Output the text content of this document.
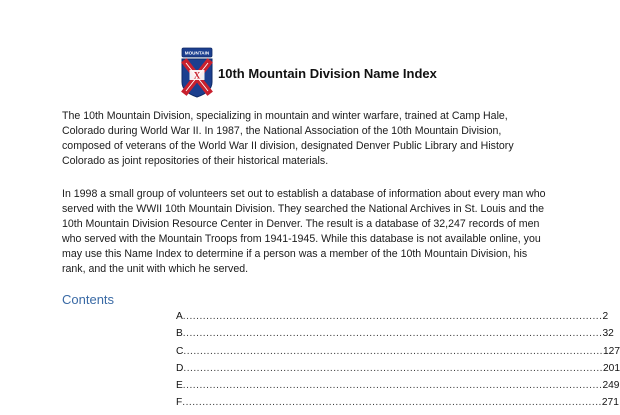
MOUNTAIN
X 10th Mountain Division Name Index

The 10th Mountain Division, specializing in mountain and winter warfare, trained at Camp Hale, Colorado during World War II. In 1987, the National Association of the 10th Mountain Division, composed of veterans of the World War II division, designated Denver Public Library and History Colorado as joint repositories of their historical materials.

In 1998 a small group of volunteers set out to establish a database of information about every man who served with the WWII 10th Mountain Division. They searched the National Archives in St. Louis and the 10th Mountain Division Resource Center in Denver. The result is a database of 32,247 records of men who served with the Mountain Troops from 1941-1945. While this database is not available online, you may use this Name Index to determine if a person was a member of the 10th Mountain Division, his rank, and the unit with which he served.

Contents
A .............................................................................................................................. 2
B .............................................................................................................................. 32
C .............................................................................................................................. 127
D .............................................................................................................................. 201
E .............................................................................................................................. 249
F .............................................................................................................................. 271
